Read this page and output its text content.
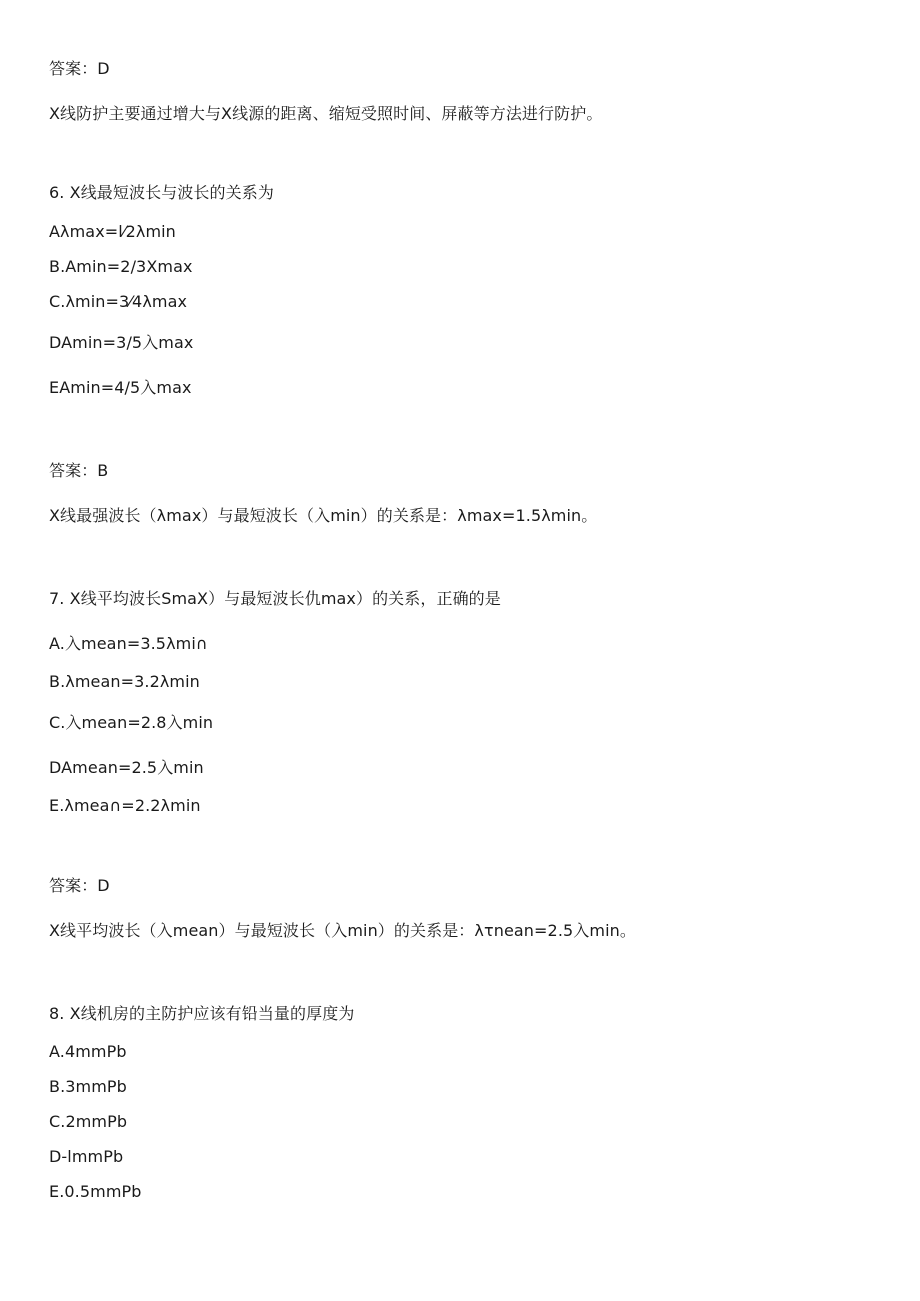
答案：D
X线防护主要通过增大与X线源的距离、缩短受照时间、屏蔽等方法进行防护。
6. X线最短波长与波长的关系为
Aλmax=l⁄2λmin
B.Amin=2/3Xmax
C.λmin=3⁄4λmax
DAmin=3/5入max
EAmin=4/5入max
答案：B
X线最强波长（λmax）与最短波长（入min）的关系是：λmax=1.5λmin。
7. X线平均波长SmaX）与最短波长仇max）的关系，正确的是
A.入mean=3.5λmi∩
B.λmean=3.2λmin
C.入mean=2.8入min
DAmean=2.5入min
E.λmea∩=2.2λmin
答案：D
X线平均波长（入mean）与最短波长（入min）的关系是：λτnean=2.5入min。
8. X线机房的主防护应该有铅当量的厚度为
A.4mmPb
B.3mmPb
C.2mmPb
D-lmmPb
E.0.5mmPb
